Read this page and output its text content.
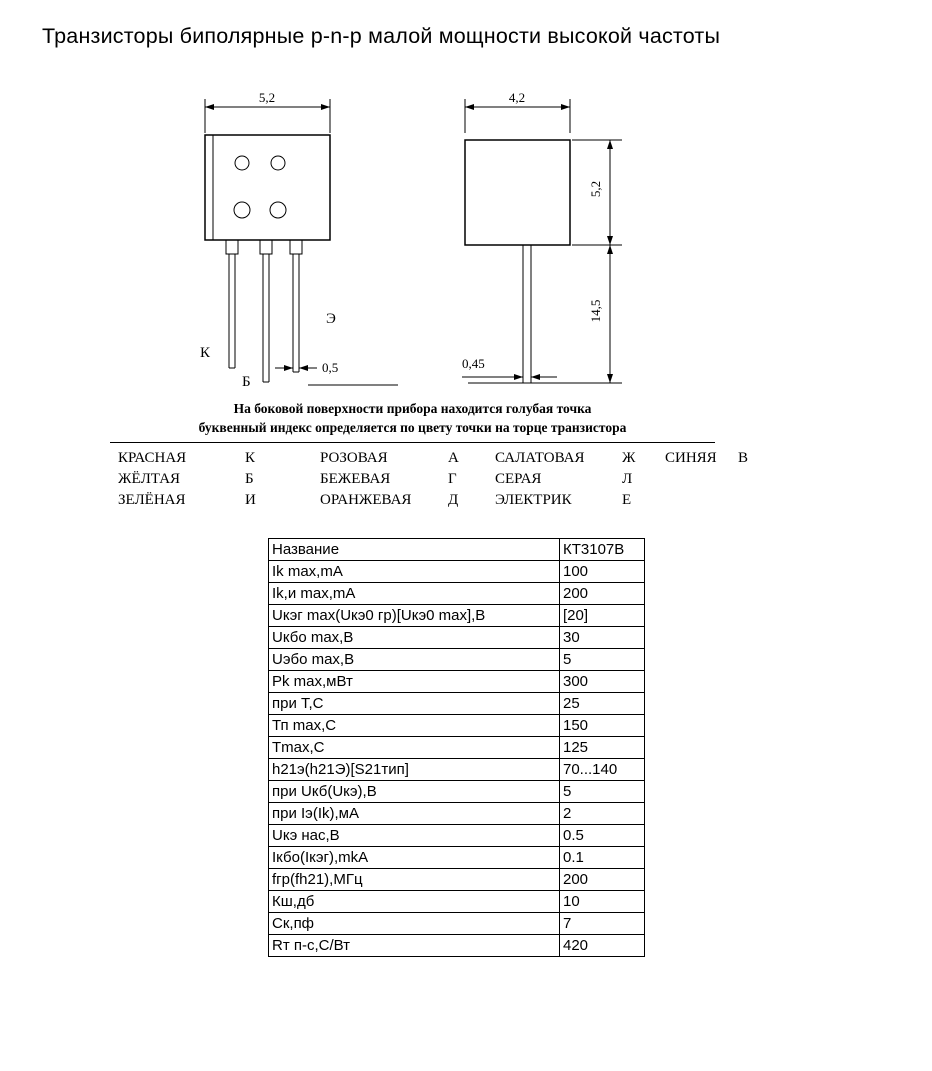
Транзисторы биполярные p-n-p малой мощности высокой частоты
5,2
0,5
К
Б
Э
4,2
5,2
14,5
0,45
На боковой поверхности прибора находится голубая точка
буквенный индекс определяется по цвету точки на торце транзистора
КРАСНАЯ	К	РОЗОВАЯ	А	САЛАТОВАЯ	Ж	СИНЯЯ	В
ЖЁЛТАЯ	Б	БЕЖЕВАЯ	Г	СЕРАЯ	Л
ЗЕЛЁНАЯ	И	ОРАНЖЕВАЯ	Д	ЭЛЕКТРИК	Е
Название	КТ3107В
Ik max,mA	100
Ik,и max,mA	200
Uкэг max(Uкэ0 гр)[Uкэ0 max],В	[20]
Uкбо max,В	30
Uэбо max,В	5
Pk max,мВт	300
при Т,С	25
Тп max,С	150
Tmax,С	125
h21э(h21Э)[S21тип]	70...140
при Uкб(Uкэ),В	5
при Iэ(Ik),мА	2
Uкэ нас,В	0.5
Iкбо(Iкэг),mkA	0.1
fгр(fh21),МГц	200
Кш,дб	10
Ск,пф	7
Rт п-с,С/Вт	420
